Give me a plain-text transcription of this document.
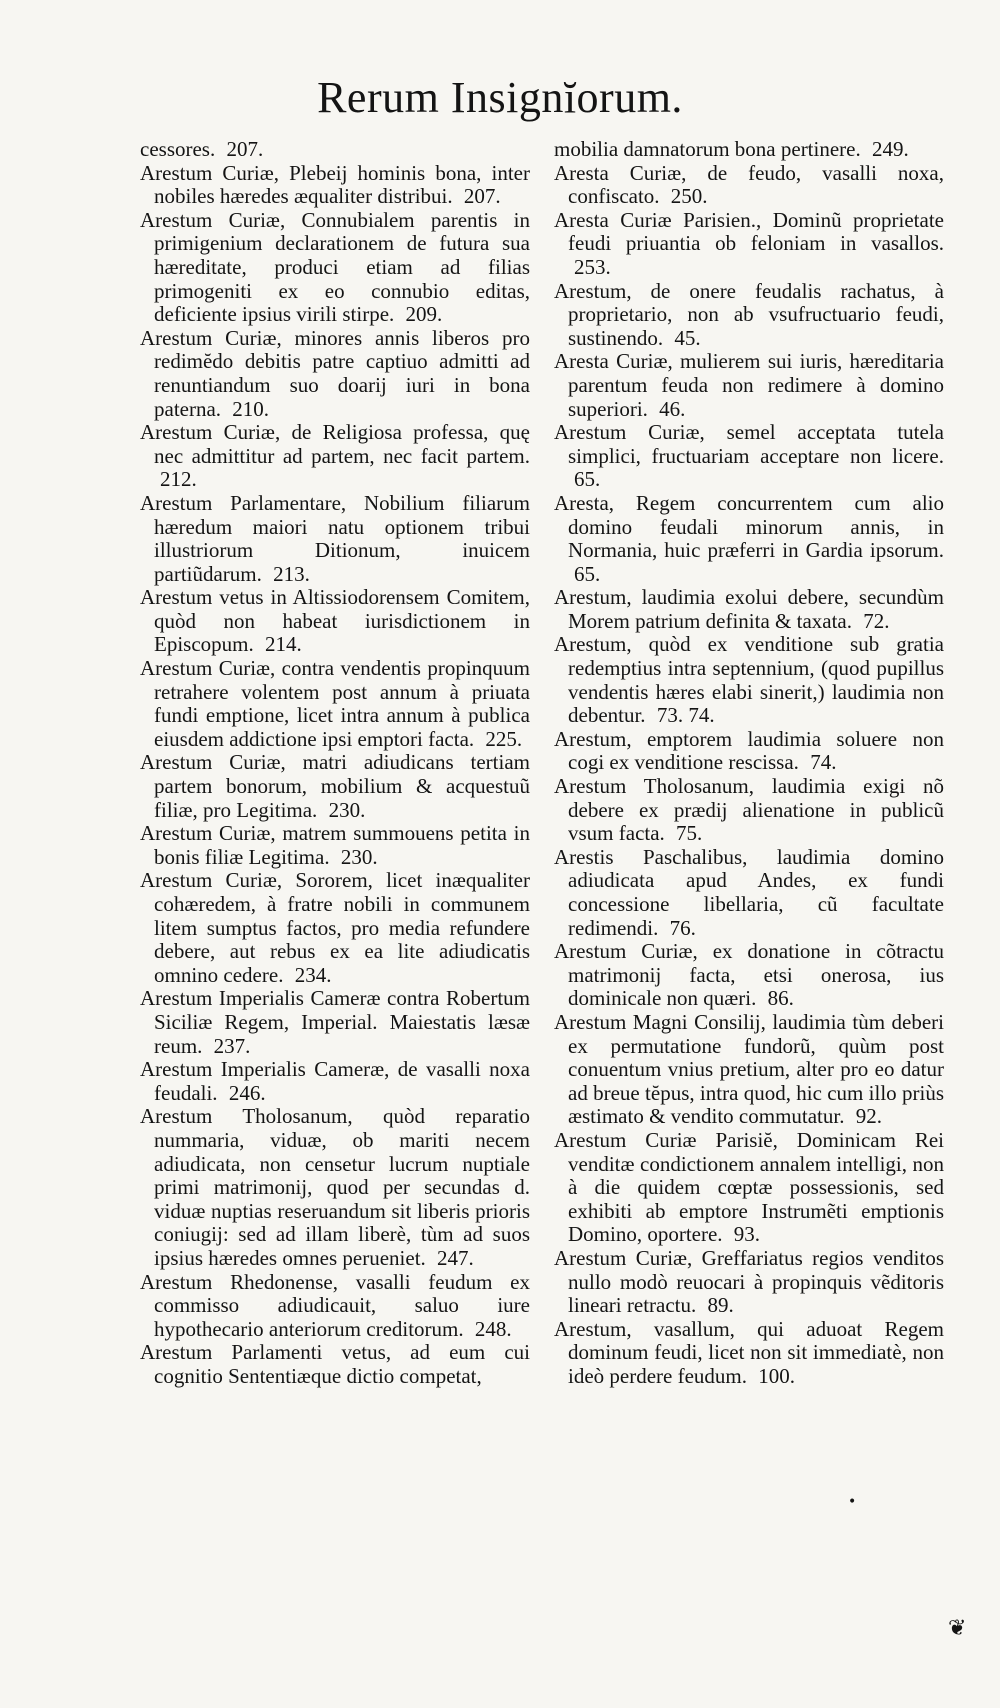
Rerum Insignĭorum.

cessores. 207.

Arestum Curiæ, Plebeij hominis bona, inter nobiles hæredes æqualiter distribui. 207.

Arestum Curiæ, Connubialem parentis in primigenium declarationem de futura sua hæreditate, produci etiam ad filias primogeniti ex eo connubio editas, deficiente ipsius virili stirpe. 209.

Arestum Curiæ, minores annis liberos pro redimĕdo debitis patre captiuo admitti ad renuntiandum suo doarij iuri in bona paterna. 210.

Arestum Curiæ, de Religiosa professa, quę nec admittitur ad partem, nec facit partem. 212.

Arestum Parlamentare, Nobilium filiarum hæredum maiori natu optionem tribui illustriorum Ditionum, inuicem partiũdarum. 213.

Arestum vetus in Altissiodorensem Comitem, quòd non habeat iurisdictionem in Episcopum. 214.

Arestum Curiæ, contra vendentis propinquum retrahere volentem post annum à priuata fundi emptione, licet intra annum à publica eiusdem addictione ipsi emptori facta. 225.

Arestum Curiæ, matri adiudicans tertiam partem bonorum, mobilium & acquestuũ filiæ, pro Legitima. 230.

Arestum Curiæ, matrem summouens petita in bonis filiæ Legitima. 230.

Arestum Curiæ, Sororem, licet inæqualiter cohæredem, à fratre nobili in communem litem sumptus factos, pro media refundere debere, aut rebus ex ea lite adiudicatis omnino cedere. 234.

Arestum Imperialis Cameræ contra Robertum Siciliæ Regem, Imperial. Maiestatis læsæ reum. 237.

Arestum Imperialis Cameræ, de vasalli noxa feudali. 246.

Arestum Tholosanum, quòd reparatio nummaria, viduæ, ob mariti necem adiudicata, non censetur lucrum nuptiale primi matrimonij, quod per secundas d. viduæ nuptias reseruandum sit liberis prioris coniugij: sed ad illam liberè, tùm ad suos ipsius hæredes omnes perueniet. 247.

Arestum Rhedonense, vasalli feudum ex commisso adiudicauit, saluo iure hypothecario anteriorum creditorum. 248.

Arestum Parlamenti vetus, ad eum cui cognitio Sententiæque dictio competat,

mobilia damnatorum bona pertinere. 249.

Aresta Curiæ, de feudo, vasalli noxa, confiscato. 250.

Aresta Curiæ Parisien., Dominũ proprietate feudi priuantia ob feloniam in vasallos. 253.

Arestum, de onere feudalis rachatus, à proprietario, non ab vsufructuario feudi, sustinendo. 45.

Aresta Curiæ, mulierem sui iuris, hæreditaria parentum feuda non redimere à domino superiori. 46.

Arestum Curiæ, semel acceptata tutela simplici, fructuariam acceptare non licere. 65.

Aresta, Regem concurrentem cum alio domino feudali minorum annis, in Normania, huic præferri in Gardia ipsorum. 65.

Arestum, laudimia exolui debere, secundùm Morem patrium definita & taxata. 72.

Arestum, quòd ex venditione sub gratia redemptius intra septennium, (quod pupillus vendentis hæres elabi sinerit,) laudimia non debentur. 73. 74.

Arestum, emptorem laudimia soluere non cogi ex venditione rescissa. 74.

Arestum Tholosanum, laudimia exigi nõ debere ex prædij alienatione in publicũ vsum facta. 75.

Arestis Paschalibus, laudimia domino adiudicata apud Andes, ex fundi concessione libellaria, cũ facultate redimendi. 76.

Arestum Curiæ, ex donatione in cõtractu matrimonij facta, etsi onerosa, ius dominicale non quæri. 86.

Arestum Magni Consilij, laudimia tùm deberi ex permutatione fundorũ, quùm post conuentum vnius pretium, alter pro eo datur ad breue tĕpus, intra quod, hic cum illo priùs æstimato & vendito commutatur. 92.

Arestum Curiæ Parisiĕ, Dominicam Rei venditæ condictionem annalem intelligi, non à die quidem cœptæ possessionis, sed exhibiti ab emptore Instrumẽti emptionis Domino, oportere. 93.

Arestum Curiæ, Greffariatus regios venditos nullo modò reuocari à propinquis vẽditoris lineari retractu. 89.

Arestum, vasallum, qui aduoat Regem dominum feudi, licet non sit immediatè, non ideò perdere feudum. 100.

•
❦
